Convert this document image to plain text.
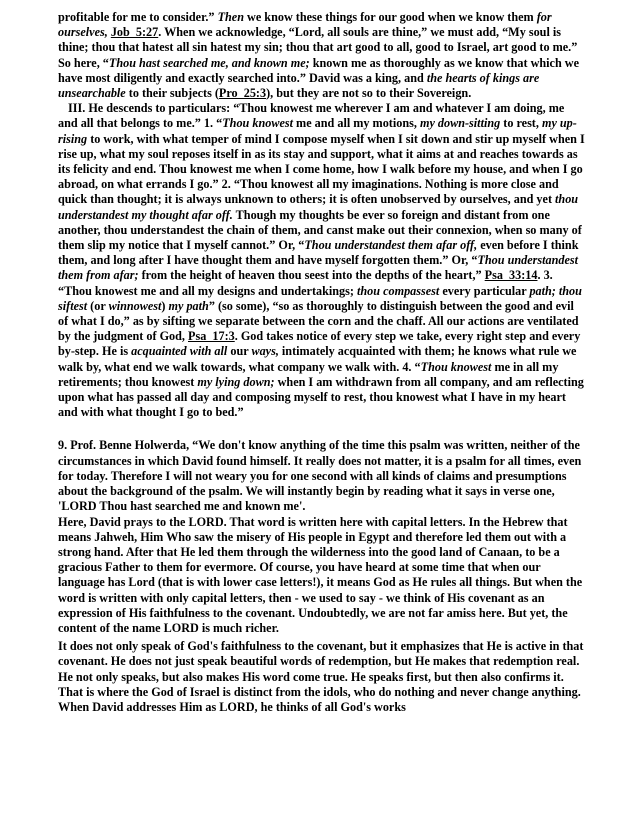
profitable for me to consider.” Then we know these things for our good when we know them for ourselves, Job_5:27. When we acknowledge, “Lord, all souls are thine,” we must add, “My soul is thine; thou that hatest all sin hatest my sin; thou that art good to all, good to Israel, art good to me.” So here, “Thou hast searched me, and known me; known me as thoroughly as we know that which we have most diligently and exactly searched into.” David was a king, and the hearts of kings are unsearchable to their subjects (Pro_25:3), but they are not so to their Sovereign.

III. He descends to particulars: “Thou knowest me wherever I am and whatever I am doing, me and all that belongs to me.” 1. “Thou knowest me and all my motions, my down-sitting to rest, my up-rising to work, with what temper of mind I compose myself when I sit down and stir up myself when I rise up, what my soul reposes itself in as its stay and support, what it aims at and reaches towards as its felicity and end. Thou knowest me when I come home, how I walk before my house, and when I go abroad, on what errands I go.” 2. “Thou knowest all my imaginations. Nothing is more close and quick than thought; it is always unknown to others; it is often unobserved by ourselves, and yet thou understandest my thought afar off. Though my thoughts be ever so foreign and distant from one another, thou understandest the chain of them, and canst make out their connexion, when so many of them slip my notice that I myself cannot.” Or, “Thou understandest them afar off, even before I think them, and long after I have thought them and have myself forgotten them.” Or, “Thou understandest them from afar; from the height of heaven thou seest into the depths of the heart,” Psa_33:14. 3. “Thou knowest me and all my designs and undertakings; thou compassest every particular path; thou siftest (or winnowest) my path” (so some), “so as thoroughly to distinguish between the good and evil of what I do,” as by sifting we separate between the corn and the chaff. All our actions are ventilated by the judgment of God, Psa_17:3. God takes notice of every step we take, every right step and every by-step. He is acquainted with all our ways, intimately acquainted with them; he knows what rule we walk by, what end we walk towards, what company we walk with. 4. “Thou knowest me in all my retirements; thou knowest my lying down; when I am withdrawn from all company, and am reflecting upon what has passed all day and composing myself to rest, thou knowest what I have in my heart and with what thought I go to bed.”

9. Prof. Benne Holwerda, “We don't know anything of the time this psalm was written, neither of the circumstances in which David found himself. It really does not matter, it is a psalm for all times, even for today. Therefore I will not weary you for one second with all kinds of claims and presumptions about the background of the psalm. We will instantly begin by reading what it says in verse one, 'LORD Thou hast searched me and known me'.

Here, David prays to the LORD. That word is written here with capital letters. In the Hebrew that means Jahweh, Him Who saw the misery of His people in Egypt and therefore led them out with a strong hand. After that He led them through the wilderness into the good land of Canaan, to be a gracious Father to them for evermore. Of course, you have heard at some time that when our language has Lord (that is with lower case letters!), it means God as He rules all things. But when the word is written with only capital letters, then - we used to say - we think of His covenant as an expression of His faithfulness to the covenant. Undoubtedly, we are not far amiss here. But yet, the content of the name LORD is much richer.

It does not only speak of God's faithfulness to the covenant, but it emphasizes that He is active in that covenant. He does not just speak beautiful words of redemption, but He makes that redemption real. He not only speaks, but also makes His word come true. He speaks first, but then also confirms it. That is where the God of Israel is distinct from the idols, who do nothing and never change anything. When David addresses Him as LORD, he thinks of all God's works
